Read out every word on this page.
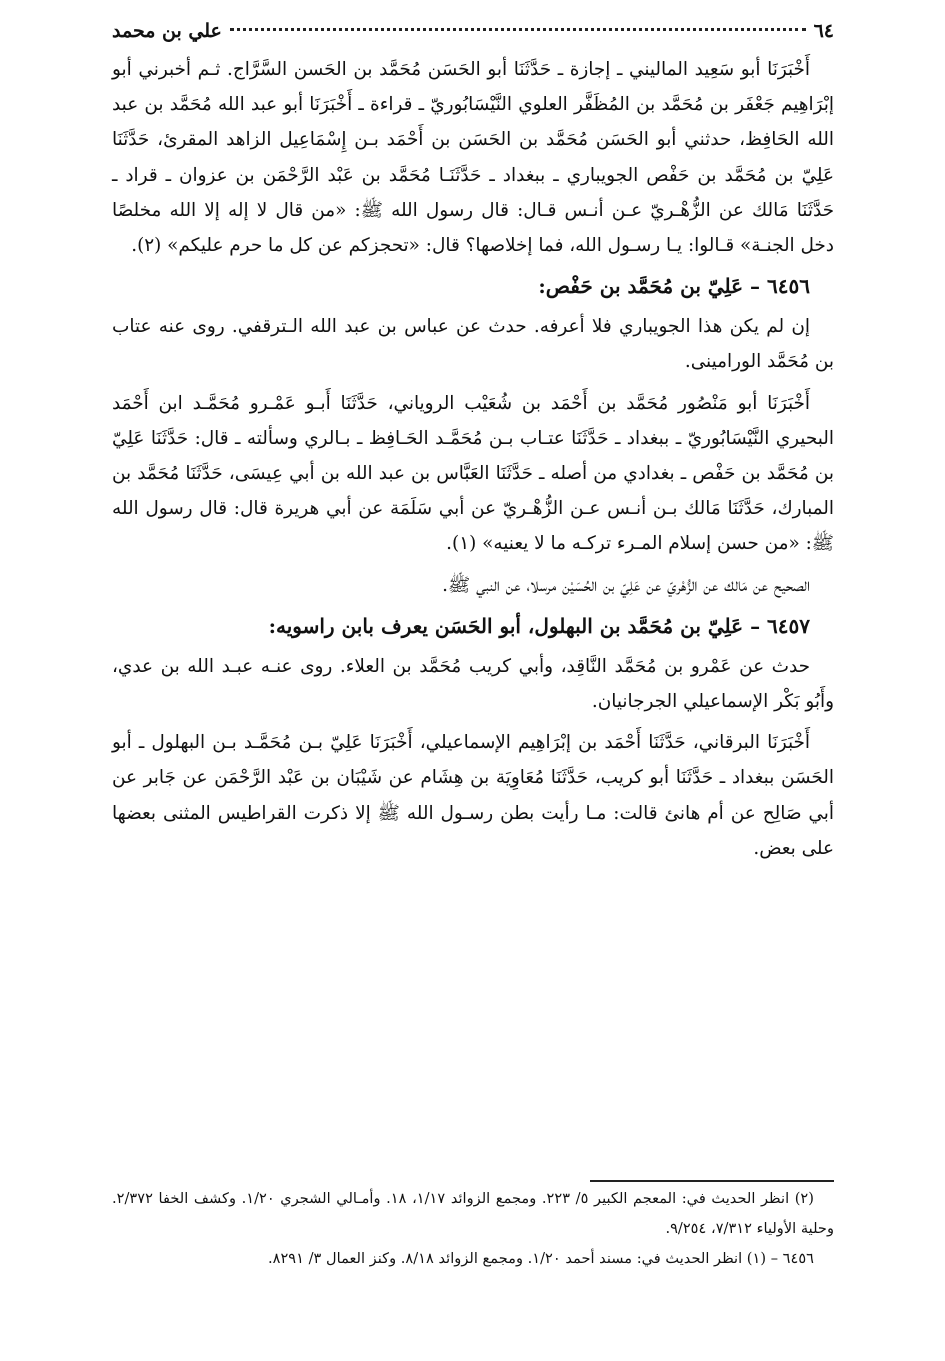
٦٤
علي بن محمد

أَخْبَرَنَا أبو سَعِيد الماليني ـ إجازة ـ حَدَّثَنَا أبو الحَسَن مُحَمَّد بن الحَسن السَّرَّاج. ثـم أخبرني أبو إبْرَاهِيم جَعْفَر بن مُحَمَّد بن المُظَفَّر العلوي النَّيْسَابُوريّ ـ قراءة ـ أَخْبَرَنَا أبو عبد الله مُحَمَّد بن عبد الله الحَافِظ، حدثني أبو الحَسَن مُحَمَّد بن الحَسَن بن أَحْمَد بـن إِسْمَاعِيل الزاهد المقرئ، حَدَّثَنَا عَلِيّ بن مُحَمَّد بن حَفْص الجويباري ـ ببغداد ـ حَدَّثَنَـا مُحَمَّد بن عَبْد الرَّحْمَن بن عزوان ـ قراد ـ حَدَّثَنَا مَالك عن الزُّهْـريّ عـن أنـس قـال: قال رسول الله ﷺ: «من قال لا إله إلا الله مخلصًا دخل الجنـة» قـالوا: يـا رسـول الله، فما إخلاصها؟ قال: «تحجزكم عن كل ما حرم عليكم» (٢).

٦٤٥٦ – عَلِيّ بن مُحَمَّد بن حَفْص:

إن لم يكن هذا الجويباري فلا أعرفه. حدث عن عباس بن عبد الله الـترقفي. روى عنه عتاب بن مُحَمَّد الورامينى.

أَخْبَرَنَا أبو مَنْصُور مُحَمَّد بن أَحْمَد بن شُعَيْب الروياني، حَدَّثَنَا أَبـو عَمْـرو مُحَمَّـد ابن أَحْمَد البحيري النَّيْسَابُوريّ ـ ببغداد ـ حَدَّثَنَا عتـاب بـن مُحَمَّـد الحَـافِظ ـ بـالري وسألته ـ قال: حَدَّثَنَا عَلِيّ بن مُحَمَّد بن حَفْص ـ بغدادي من أصله ـ حَدَّثَنَا العَبَّاس بن عبد الله بن أبي عِيسَى، حَدَّثَنَا مُحَمَّد بن المبارك، حَدَّثَنَا مَالك بـن أنـس عـن الزُّهْـريّ عن أبي سَلَمَة عن أبي هريرة قال: قال رسول الله ﷺ: «من حسن إسلام المـرء تركـه ما لا يعنيه» (١).

الصحيح عن مَالك عن الزُّهْريّ عن عَلِيّ بن الحُسَيْن مرسلا، عن النبي ﷺ.

٦٤٥٧ – عَلِيّ بن مُحَمَّد بن البهلول، أبو الحَسَن يعرف بابن راسويه:

حدث عن عَمْرو بن مُحَمَّد النَّاقِد، وأبي كريب مُحَمَّد بن العلاء. روى عنـه عبـد الله بن عدي، وأَبُو بَكْر الإسماعيلي الجرجانيان.

أَخْبَرَنَا البرقاني، حَدَّثَنَا أَحْمَد بن إبْرَاهِيم الإسماعيلي، أَخْبَرَنَا عَلِيّ بـن مُحَمَّـد بـن البهلول ـ أبو الحَسَن ببغداد ـ حَدَّثَنَا أبو كريب، حَدَّثَنَا مُعَاوِيَة بن هِشَام عن شَيْبَان بن عَبْد الرَّحْمَن عن جَابر عن أبي صَالِح عن أم هانئ قالت: مـا رأيت بطن رسـول الله ﷺ إلا ذكرت القراطيس المثنى بعضها على بعض.

(٢) انظر الحديث في: المعجم الكبير ٥/ ٢٢٣. ومجمع الزوائد ١/١٧، ١٨. وأمـالي الشجري ١/٢٠. وكشف الخفا ٢/٣٧٢. وحلية الأولياء ٧/٣١٢، ٩/٢٥٤.

٦٤٥٦ – (١) انظر الحديث في: مسند أحمد ١/٢٠. ومجمع الزوائد ٨/١٨. وكنز العمال ٣/ ٨٢٩١.
